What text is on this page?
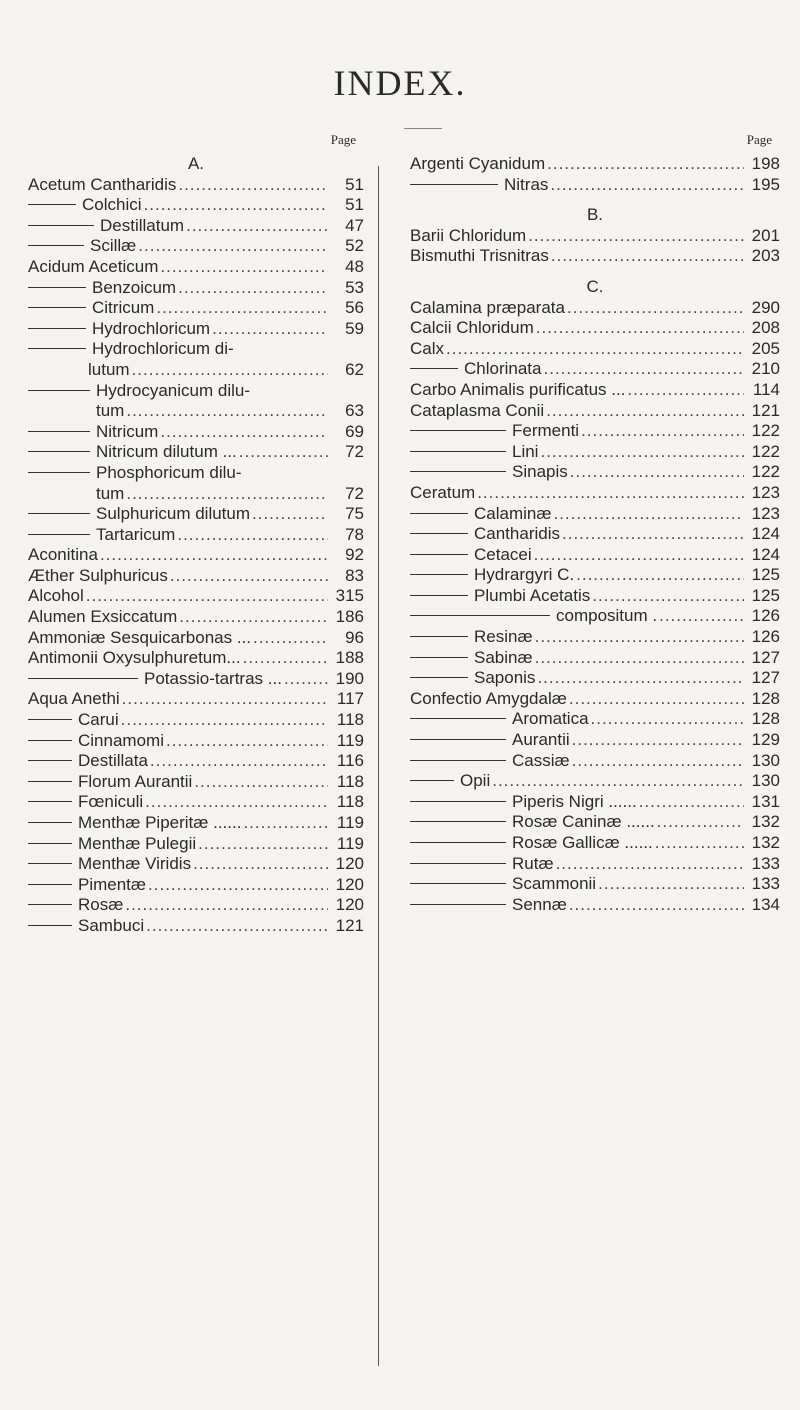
INDEX.
Page
A.
Acetum Cantharidis .....	51
Colchici .....	51
Destillatum .....	47
Scillæ .....	52
Acidum Aceticum .....	48
Benzoicum .....	53
Citricum .....	56
Hydrochloricum .....	59
Hydrochloricum di-
lutum .....	62
Hydrocyanicum dilu-
tum .....	63
Nitricum .....	69
Nitricum dilutum ... .....	72
Phosphoricum dilu-
tum .....	72
Sulphuricum dilutum .....	75
Tartaricum .....	78
Aconitina .....	92
Æther Sulphuricus .....	83
Alcohol .....	315
Alumen Exsiccatum .....	186
Ammoniæ Sesquicarbonas ... .....	96
Antimonii Oxysulphuretum... .....	188
Potassio-tartras ... .....	190
Aqua Anethi .....	117
Carui .....	118
Cinnamomi .....	119
Destillata .....	116
Florum Aurantii .....	118
Fœniculi .....	118
Menthæ Piperitæ ...... .....	119
Menthæ Pulegii .....	119
Menthæ Viridis .....	120
Pimentæ .....	120
Rosæ .....	120
Sambuci .....	121
Page
Argenti Cyanidum .....	198
Nitras .....	195
B.
Barii Chloridum .....	201
Bismuthi Trisnitras .....	203
C.
Calamina præparata .....	290
Calcii Chloridum .....	208
Calx .....	205
Chlorinata .....	210
Carbo Animalis purificatus ... .....	114
Cataplasma Conii .....	121
Fermenti .....	122
Lini .....	122
Sinapis .....	122
Ceratum .....	123
Calaminæ .....	123
Cantharidis .....	124
Cetacei .....	124
Hydrargyri C. .....	125
Plumbi Acetatis .....	125
compositum . .....	126
Resinæ .....	126
Sabinæ .....	127
Saponis .....	127
Confectio Amygdalæ .....	128
Aromatica .....	128
Aurantii .....	129
Cassiæ .....	130
Opii .....	130
Piperis Nigri ...... .....	131
Rosæ Caninæ ...... .....	132
Rosæ Gallicæ ...... .....	132
Rutæ .....	133
Scammonii .....	133
Sennæ .....	134
